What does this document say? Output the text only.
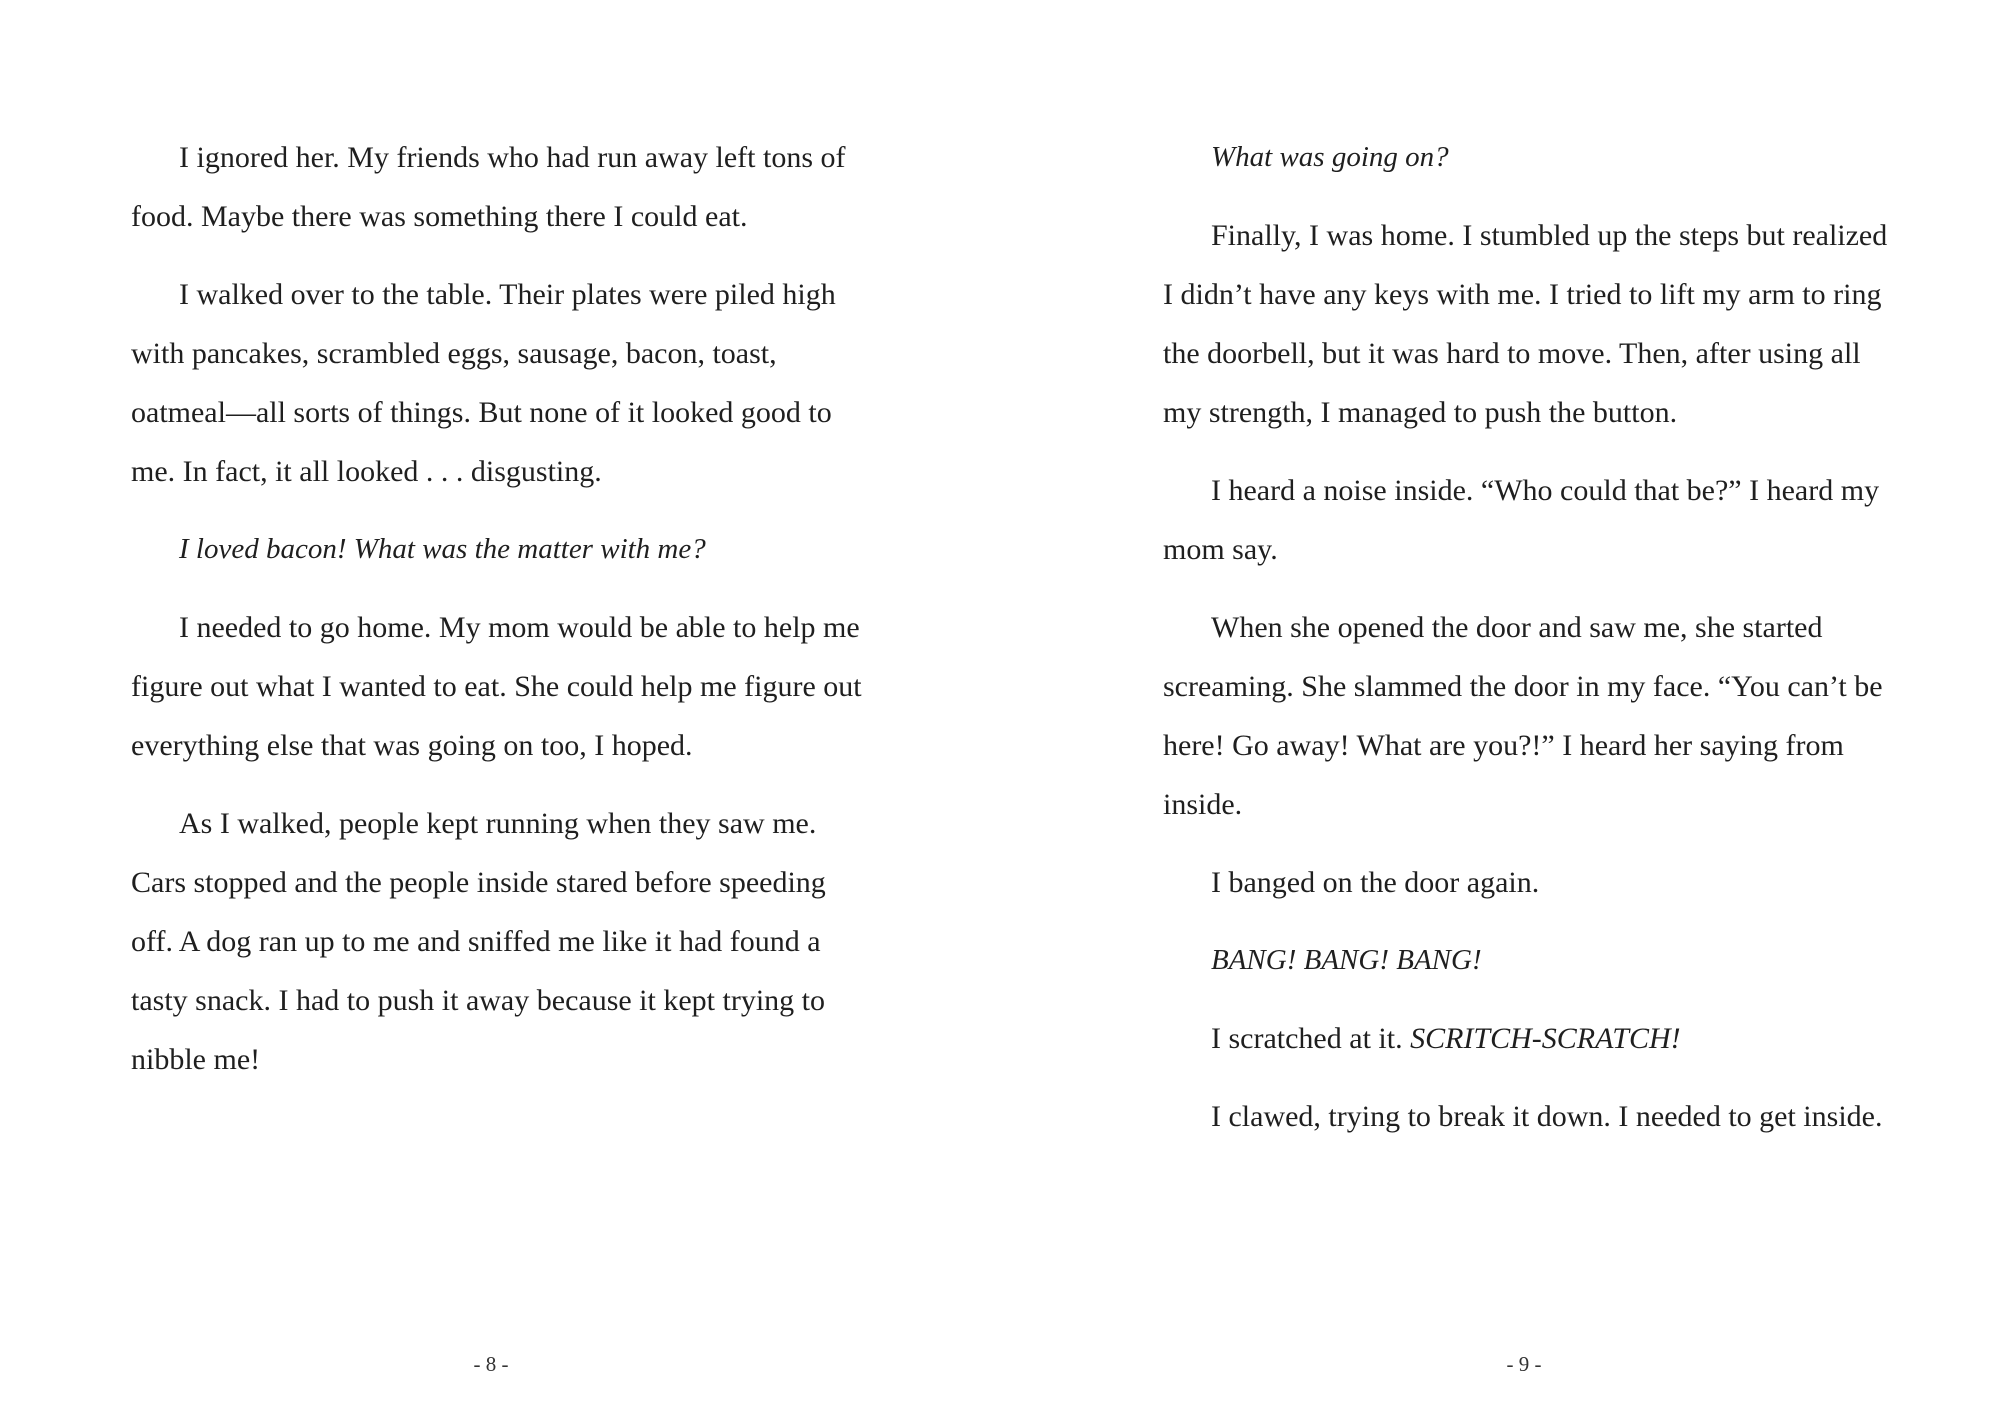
I ignored her. My friends who had run away left tons of food. Maybe there was something there I could eat.

I walked over to the table. Their plates were piled high with pancakes, scrambled eggs, sausage, bacon, toast, oatmeal—all sorts of things. But none of it looked good to me. In fact, it all looked . . . disgusting.

I loved bacon! What was the matter with me?

I needed to go home. My mom would be able to help me figure out what I wanted to eat. She could help me figure out everything else that was going on too, I hoped.

As I walked, people kept running when they saw me. Cars stopped and the people inside stared before speeding off. A dog ran up to me and sniffed me like it had found a tasty snack. I had to push it away because it kept trying to nibble me!

- 8 -

What was going on?

Finally, I was home. I stumbled up the steps but realized I didn’t have any keys with me. I tried to lift my arm to ring the doorbell, but it was hard to move. Then, after using all my strength, I managed to push the button.

I heard a noise inside. “Who could that be?” I heard my mom say.

When she opened the door and saw me, she started screaming. She slammed the door in my face. “You can’t be here! Go away! What are you?!” I heard her saying from inside.

I banged on the door again.

BANG! BANG! BANG!

I scratched at it. SCRITCH-SCRATCH!

I clawed, trying to break it down. I needed to get inside.

- 9 -
